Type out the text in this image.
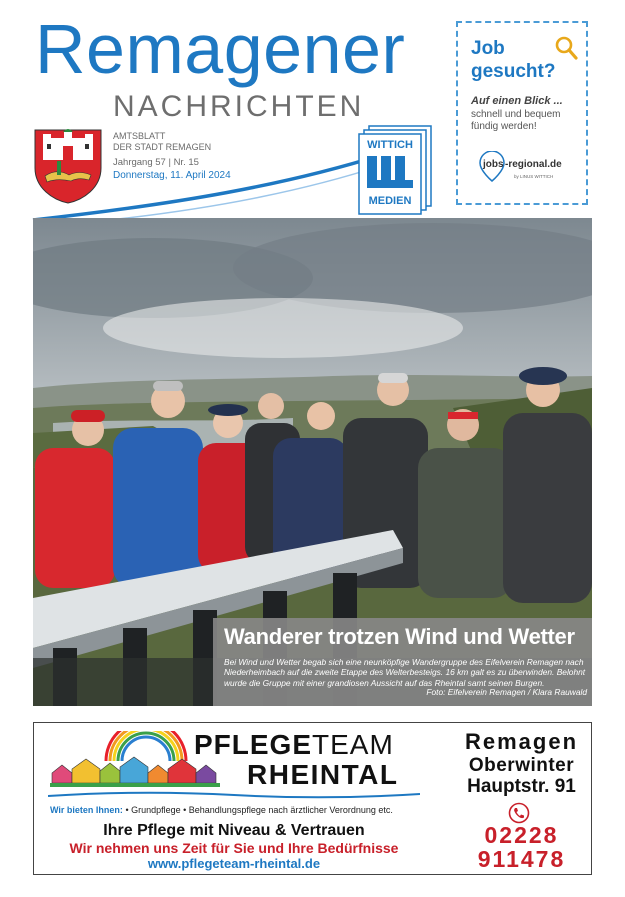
Remagener
NACHRICHTEN
AMTSBLATT
DER STADT REMAGEN
Jahrgang 57 | Nr. 15
Donnerstag, 11. April 2024
WITTICH
MEDIEN
Job
gesucht?
Auf einen Blick ...
schnell und bequem
fündig werden!
jobs -regional.de
by LINUS WITTICH
Wanderer trotzen Wind und Wetter
Bei Wind und Wetter begab sich eine neunköpfige Wandergruppe des Eifelverein Remagen nach Niederheimbach auf die zweite Etappe des Welterbesteigs. 16 km galt es zu überwinden. Belohnt wurde die Gruppe mit einer grandiosen Aussicht auf das Rheintal samt seinen Burgen.
Foto: Eifelverein Remagen / Klara Rauwald
PFLEGETEAM
RHEINTAL
Wir bieten Ihnen: • Grundpflege • Behandlungspflege nach ärztlicher Verordnung etc.
Ihre Pflege mit Niveau & Vertrauen
Wir nehmen uns Zeit für Sie und Ihre Bedürfnisse
www.pflegeteam-rheintal.de
Remagen
Oberwinter
Hauptstr. 91
02228
911478
